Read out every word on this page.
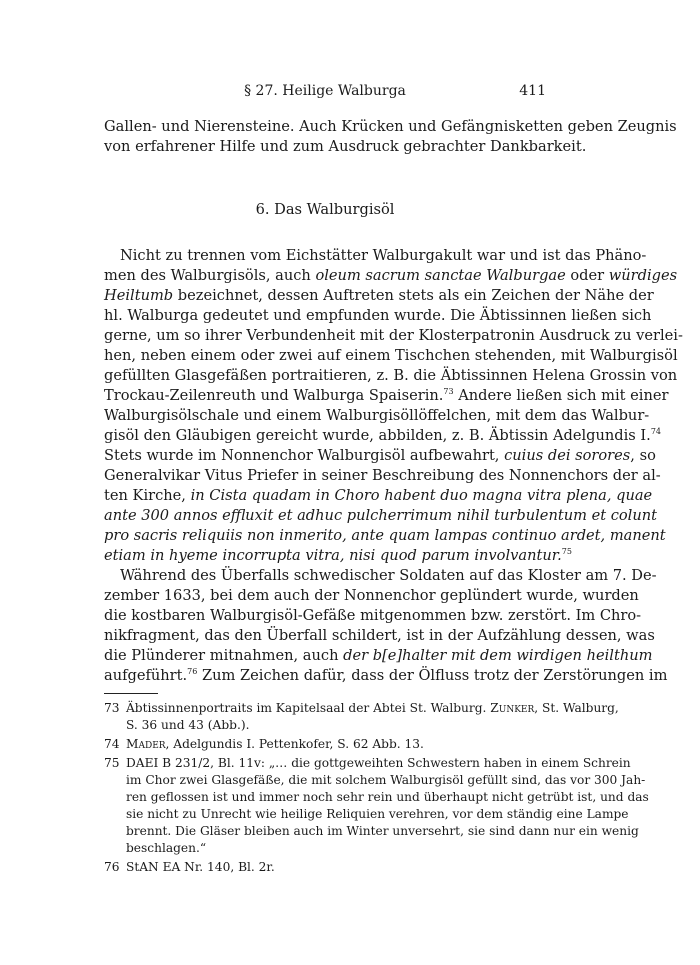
§ 27. Heilige Walburga	411
Gallen- und Nierensteine. Auch Krücken und Gefängnisketten geben Zeugnis
von erfahrener Hilfe und zum Ausdruck gebrachter Dankbarkeit.
6. Das Walburgisöl
Nicht zu trennen vom Eichstätter Walburgakult war und ist das Phäno-
men des Walburgisöls, auch oleum sacrum sanctae Walburgae oder würdiges
Heiltumb bezeichnet, dessen Auftreten stets als ein Zeichen der Nähe der
hl. Walburga gedeutet und empfunden wurde. Die Äbtissinnen ließen sich
gerne, um so ihrer Verbundenheit mit der Klosterpatronin Ausdruck zu verlei-
hen, neben einem oder zwei auf einem Tischchen stehenden, mit Walburgisöl
gefüllten Glasgefäßen portraitieren, z. B. die Äbtissinnen Helena Grossin von
Trockau-Zeilenreuth und Walburga Spaiserin.$^{73}$ Andere ließen sich mit einer
Walburgisölschale und einem Walburgisöllöffelchen, mit dem das Walbur-
gisöl den Gläubigen gereicht wurde, abbilden, z. B. Äbtissin Adelgundis I.$^{74}$
Stets wurde im Nonnenchor Walburgisöl aufbewahrt, cuius dei sorores, so
Generalvikar Vitus Priefer in seiner Beschreibung des Nonnenchors der al-
ten Kirche, in Cista quadam in Choro habent duo magna vitra plena, quae
ante 300 annos effluxit et adhuc pulcherrimum nihil turbulentum et colunt
pro sacris reliquiis non inmerito, ante quam lampas continuo ardet, manent
etiam in hyeme incorrupta vitra, nisi quod parum involvantur.$^{75}$
Während des Überfalls schwedischer Soldaten auf das Kloster am 7. De-
zember 1633, bei dem auch der Nonnenchor geplündert wurde, wurden
die kostbaren Walburgisöl-Gefäße mitgenommen bzw. zerstört. Im Chro-
nikfragment, das den Überfall schildert, ist in der Aufzählung dessen, was
die Plünderer mitnahmen, auch der b[e]halter mit dem wirdigen heilthum
aufgeführt.$^{76}$ Zum Zeichen dafür, dass der Ölfluss trotz der Zerstörungen im
73 Äbtissinnenportraits im Kapitelsaal der Abtei St. Walburg. Zunker, St. Walburg,
S. 36 und 43 (Abb.).
74 Mader, Adelgundis I. Pettenkofer, S. 62 Abb. 13.
75 DAEI B 231/2, Bl. 11v: „… die gottgeweihten Schwestern haben in einem Schrein
im Chor zwei Glasgefäße, die mit solchem Walburgisöl gefüllt sind, das vor 300 Jah-
ren geflossen ist und immer noch sehr rein und überhaupt nicht getrübt ist, und das
sie nicht zu Unrecht wie heilige Reliquien verehren, vor dem ständig eine Lampe
brennt. Die Gläser bleiben auch im Winter unversehrt, sie sind dann nur ein wenig
beschlagen.“
76 StAN EA Nr. 140, Bl. 2r.
